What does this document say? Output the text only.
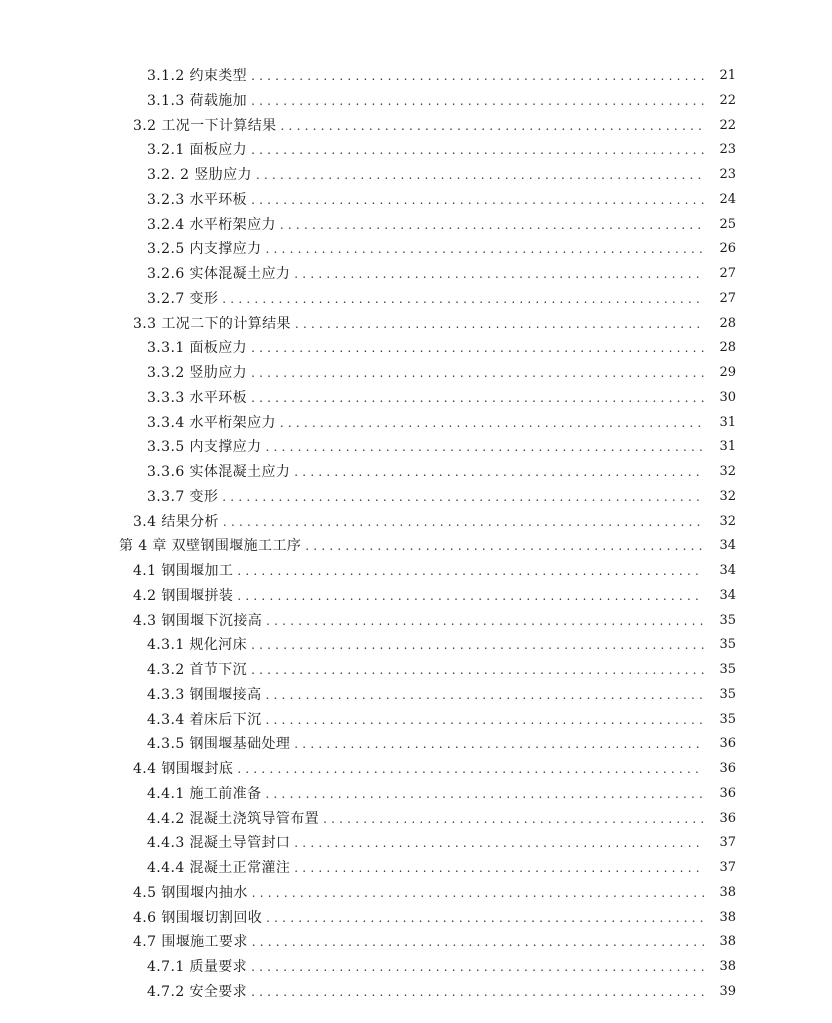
3.1.2 约束类型 . . .	21
3.1.3 荷载施加 . . .	22
3.2 工况一下计算结果 . . .	22
3.2.1 面板应力 . . .	23
3.2. 2 竖肋应力 . . .	23
3.2.3 水平环板 . . .	24
3.2.4 水平桁架应力 . . .	25
3.2.5 内支撑应力 . . .	26
3.2.6 实体混凝土应力 . . .	27
3.2.7 变形 . . .	27
3.3 工况二下的计算结果 . . .	28
3.3.1 面板应力 . . .	28
3.3.2 竖肋应力 . . .	29
3.3.3 水平环板 . . .	30
3.3.4 水平桁架应力 . . .	31
3.3.5 内支撑应力 . . .	31
3.3.6 实体混凝土应力 . . .	32
3.3.7 变形 . . .	32
3.4 结果分析 . . .	32
第 4 章 双壁钢围堰施工工序 . . .	34
4.1 钢围堰加工 . . .	34
4.2 钢围堰拼装 . . .	34
4.3 钢围堰下沉接高 . . .	35
4.3.1 规化河床 . . .	35
4.3.2 首节下沉 . . .	35
4.3.3 钢围堰接高 . . .	35
4.3.4 着床后下沉 . . .	35
4.3.5 钢围堰基础处理 . . .	36
4.4 钢围堰封底 . . .	36
4.4.1 施工前准备 . . .	36
4.4.2 混凝土浇筑导管布置 . . .	36
4.4.3 混凝土导管封口 . . .	37
4.4.4 混凝土正常灌注 . . .	37
4.5 钢围堰内抽水 . . .	38
4.6 钢围堰切割回收 . . .	38
4.7 围堰施工要求 . . .	38
4.7.1 质量要求 . . .	38
4.7.2 安全要求 . . .	39
